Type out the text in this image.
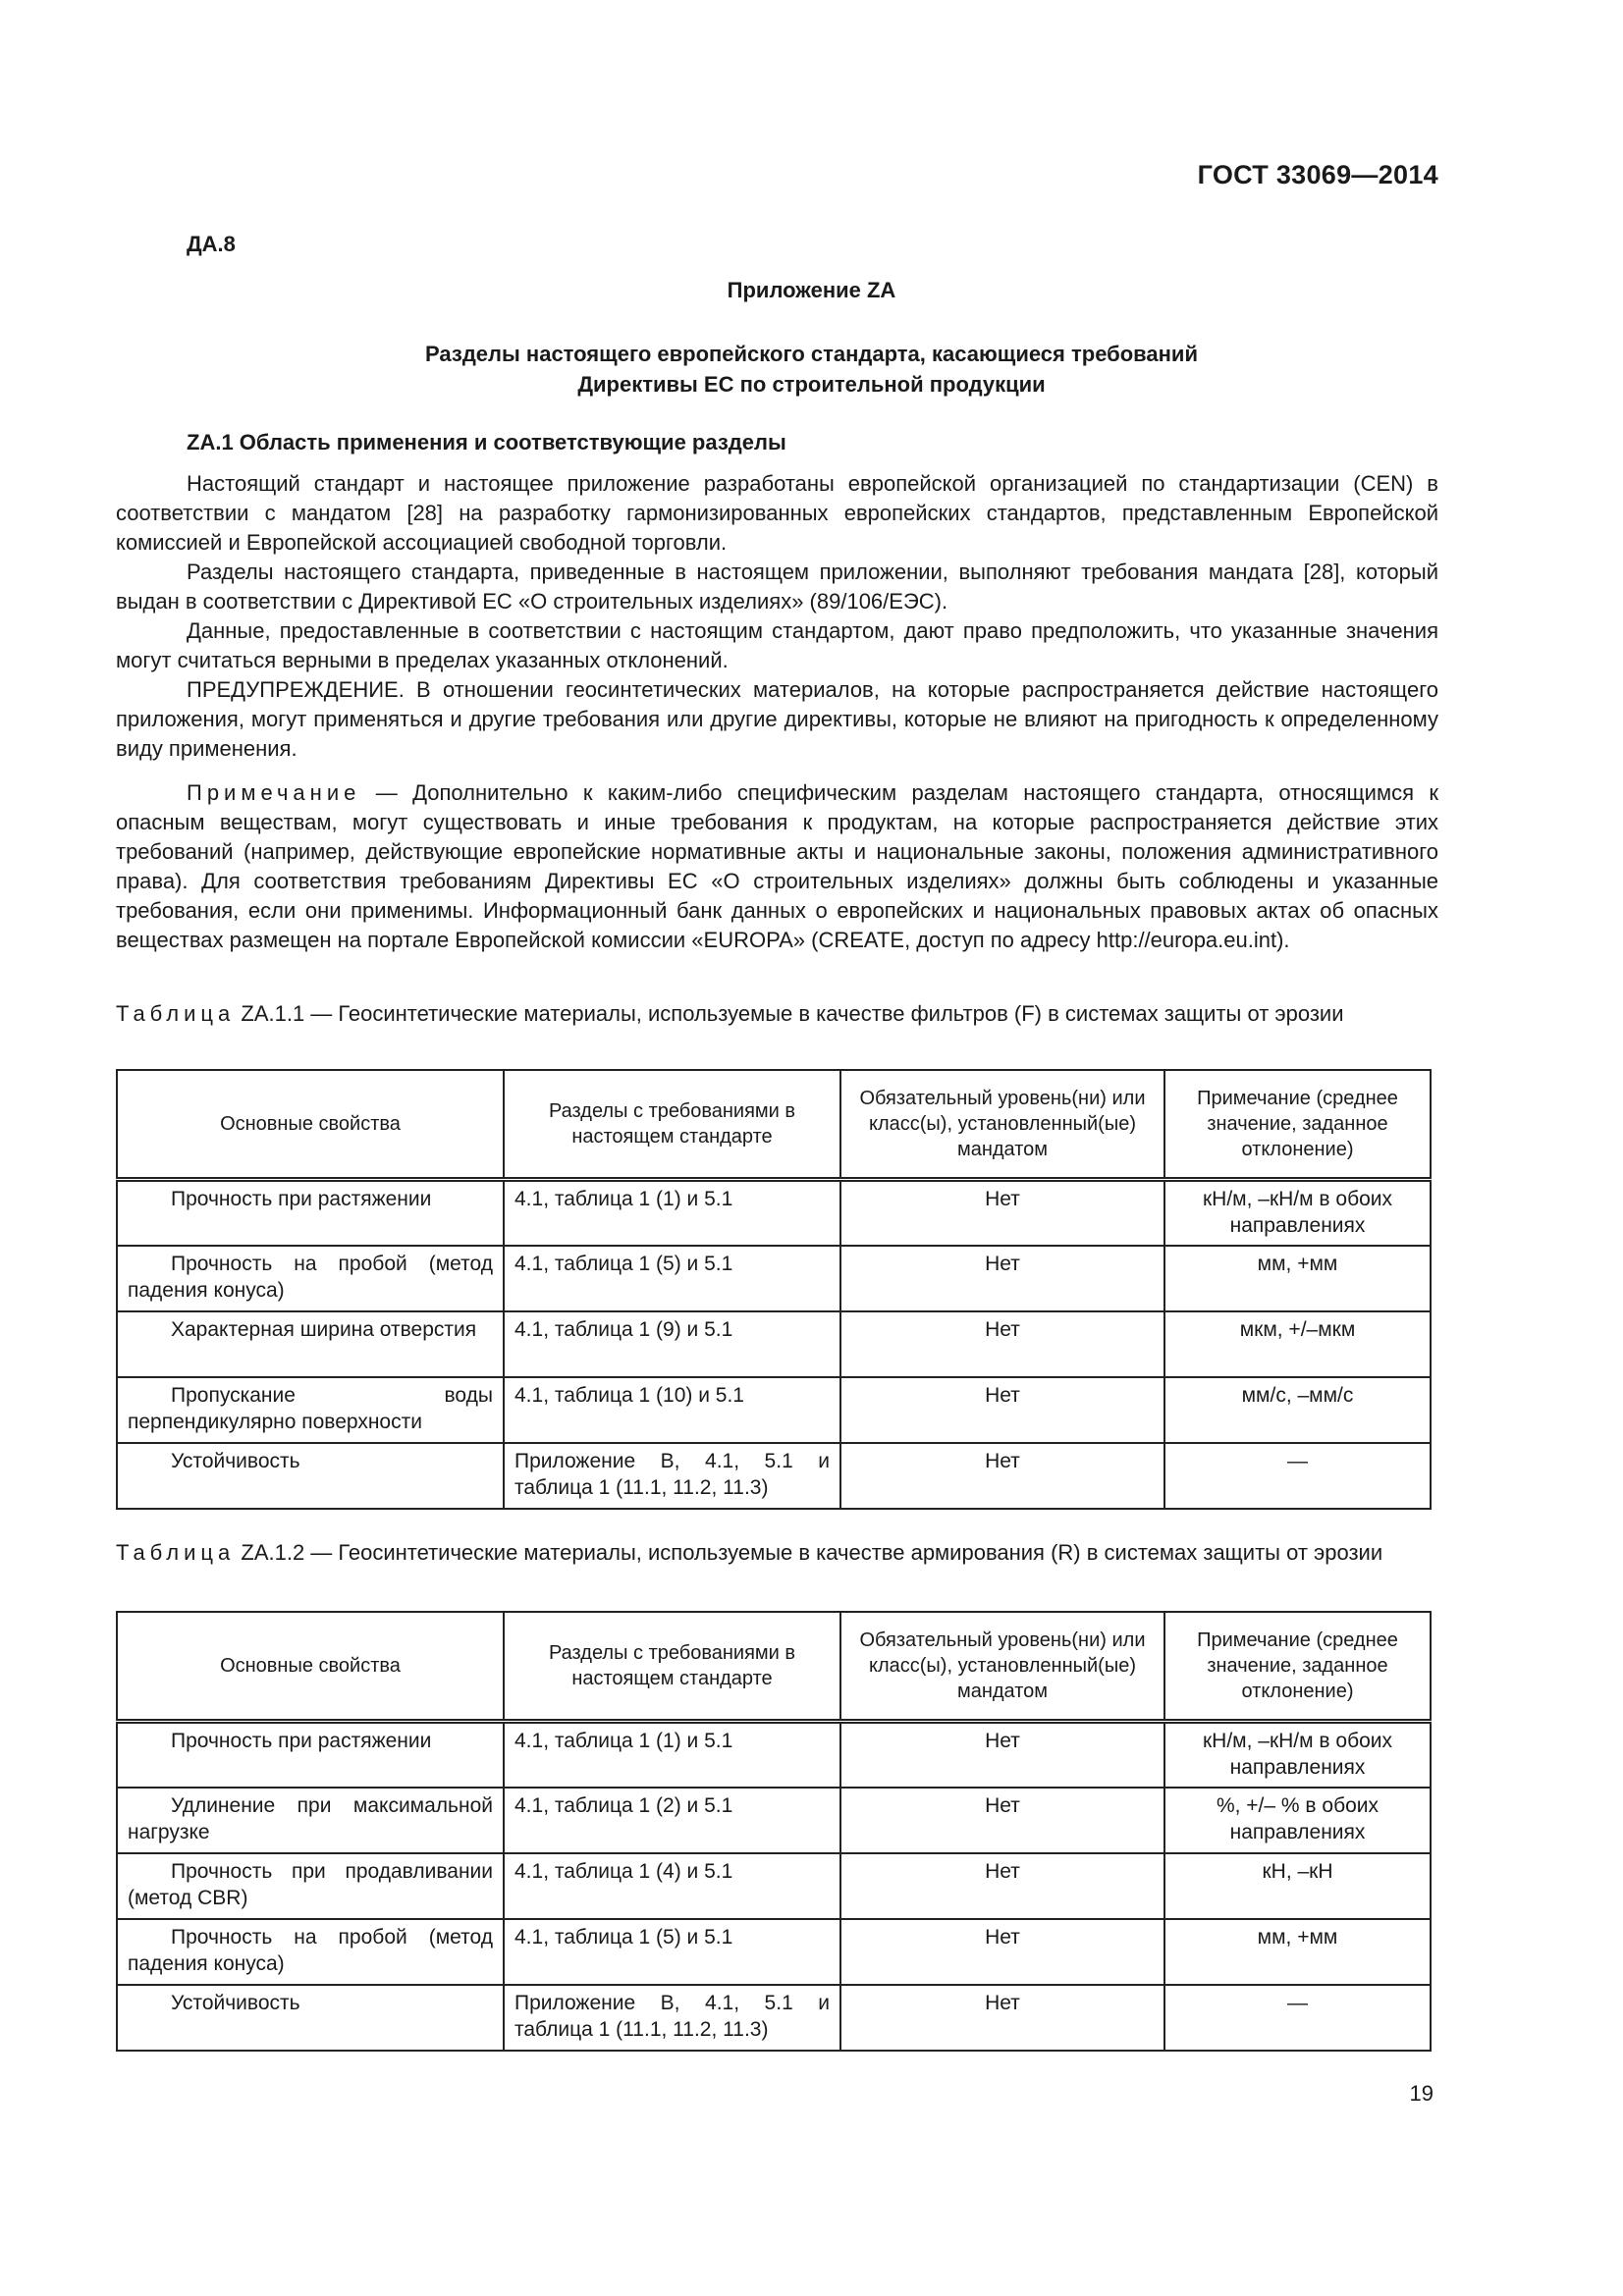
ГОСТ 33069—2014
ДА.8
Приложение ZA
Разделы настоящего европейского стандарта, касающиеся требований
Директивы ЕС по строительной продукции
ZA.1 Область применения и соответствующие разделы

Настоящий стандарт и настоящее приложение разработаны европейской организацией по стандартизации (CEN) в соответствии с мандатом [28] на разработку гармонизированных европейских стандартов, представленным Европейской комиссией и Европейской ассоциацией свободной торговли.

Разделы настоящего стандарта, приведенные в настоящем приложении, выполняют требования мандата [28], который выдан в соответствии с Директивой ЕС «О строительных изделиях» (89/106/ЕЭС).

Данные, предоставленные в соответствии с настоящим стандартом, дают право предположить, что указанные значения могут считаться верными в пределах указанных отклонений.

ПРЕДУПРЕЖДЕНИЕ. В отношении геосинтетических материалов, на которые распространяется действие настоящего приложения, могут применяться и другие требования или другие директивы, которые не влияют на пригодность к определенному виду применения.

Примечание — Дополнительно к каким-либо специфическим разделам настоящего стандарта, относящимся к опасным веществам, могут существовать и иные требования к продуктам, на которые распространяется действие этих требований (например, действующие европейские нормативные акты и национальные законы, положения административного права). Для соответствия требованиям Директивы ЕС «О строительных изделиях» должны быть соблюдены и указанные требования, если они применимы. Информационный банк данных о европейских и национальных правовых актах об опасных веществах размещен на портале Европейской комиссии «EUROPA» (CREATE, доступ по адресу http://europa.eu.int).

Таблица ZA.1.1 — Геосинтетические материалы, используемые в качестве фильтров (F) в системах защиты от эрозии
Основные свойства	Разделы с требованиями в настоящем стандарте	Обязательный уровень(ни) или класс(ы), установленный(ые) мандатом	Примечание (среднее значение, заданное отклонение)
Прочность при растяжении	4.1, таблица 1 (1) и 5.1	Нет	кН/м, –кН/м в обоих направлениях
Прочность на пробой (метод падения конуса)	4.1, таблица 1 (5) и 5.1	Нет	мм, +мм
Характерная ширина отверстия	4.1, таблица 1 (9) и 5.1	Нет	мкм, +/–мкм
Пропускание воды перпендикулярно поверхности	4.1, таблица 1 (10) и 5.1	Нет	мм/с, –мм/с
Устойчивость	Приложение В, 4.1, 5.1 и таблица 1 (11.1, 11.2, 11.3)	Нет	—
Таблица ZA.1.2 — Геосинтетические материалы, используемые в качестве армирования (R) в системах защиты от эрозии
Основные свойства	Разделы с требованиями в настоящем стандарте	Обязательный уровень(ни) или класс(ы), установленный(ые) мандатом	Примечание (среднее значение, заданное отклонение)
Прочность при растяжении	4.1, таблица 1 (1) и 5.1	Нет	кН/м, –кН/м в обоих направлениях
Удлинение при максимальной нагрузке	4.1, таблица 1 (2) и 5.1	Нет	%, +/– % в обоих направлениях
Прочность при продавливании (метод CBR)	4.1, таблица 1 (4) и 5.1	Нет	кН, –кН
Прочность на пробой (метод падения конуса)	4.1, таблица 1 (5) и 5.1	Нет	мм, +мм
Устойчивость	Приложение В, 4.1, 5.1 и таблица 1 (11.1, 11.2, 11.3)	Нет	—
19
